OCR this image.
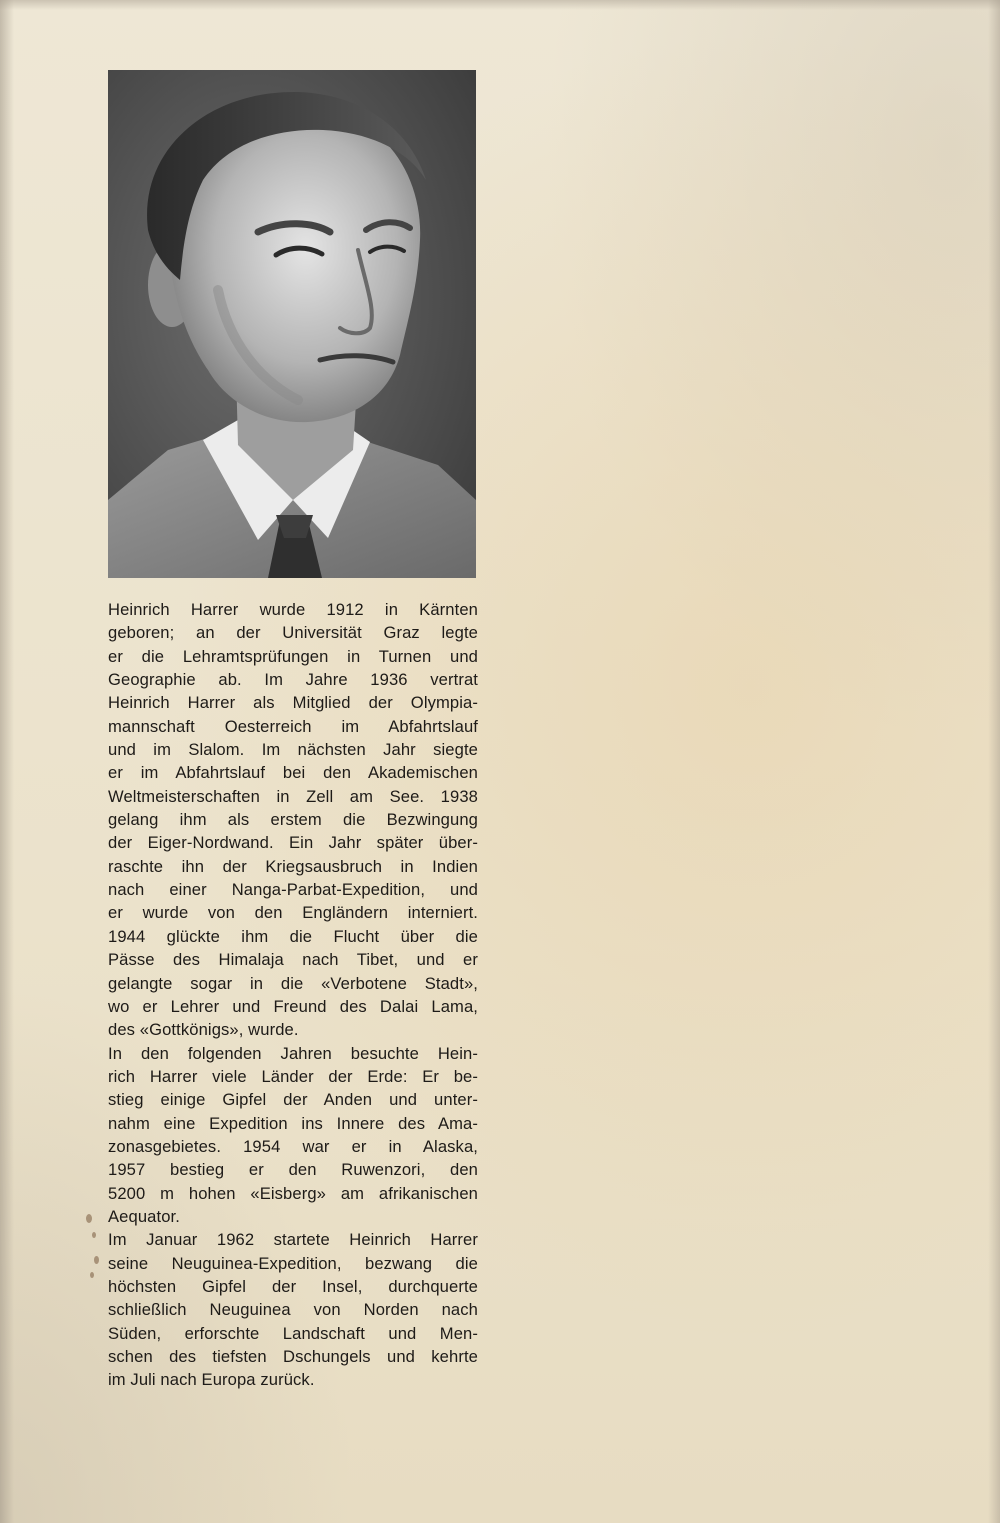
Heinrich Harrer wurde 1912 in Kärnten
geboren; an der Universität Graz legte
er die Lehramtsprüfungen in Turnen und
Geographie ab. Im Jahre 1936 vertrat
Heinrich Harrer als Mitglied der Olympia-
mannschaft Oesterreich im Abfahrtslauf
und im Slalom. Im nächsten Jahr siegte
er im Abfahrtslauf bei den Akademischen
Weltmeisterschaften in Zell am See. 1938
gelang ihm als erstem die Bezwingung
der Eiger-Nordwand. Ein Jahr später über-
raschte ihn der Kriegsausbruch in Indien
nach einer Nanga-Parbat-Expedition, und
er wurde von den Engländern interniert.
1944 glückte ihm die Flucht über die
Pässe des Himalaja nach Tibet, und er
gelangte sogar in die «Verbotene Stadt»,
wo er Lehrer und Freund des Dalai Lama,
des «Gottkönigs», wurde.
In den folgenden Jahren besuchte Hein-
rich Harrer viele Länder der Erde: Er be-
stieg einige Gipfel der Anden und unter-
nahm eine Expedition ins Innere des Ama-
zonasgebietes. 1954 war er in Alaska,
1957 bestieg er den Ruwenzori, den
5200 m hohen «Eisberg» am afrikanischen
Aequator.
Im Januar 1962 startete Heinrich Harrer
seine Neuguinea-Expedition, bezwang die
höchsten Gipfel der Insel, durchquerte
schließlich Neuguinea von Norden nach
Süden, erforschte Landschaft und Men-
schen des tiefsten Dschungels und kehrte
im Juli nach Europa zurück.
